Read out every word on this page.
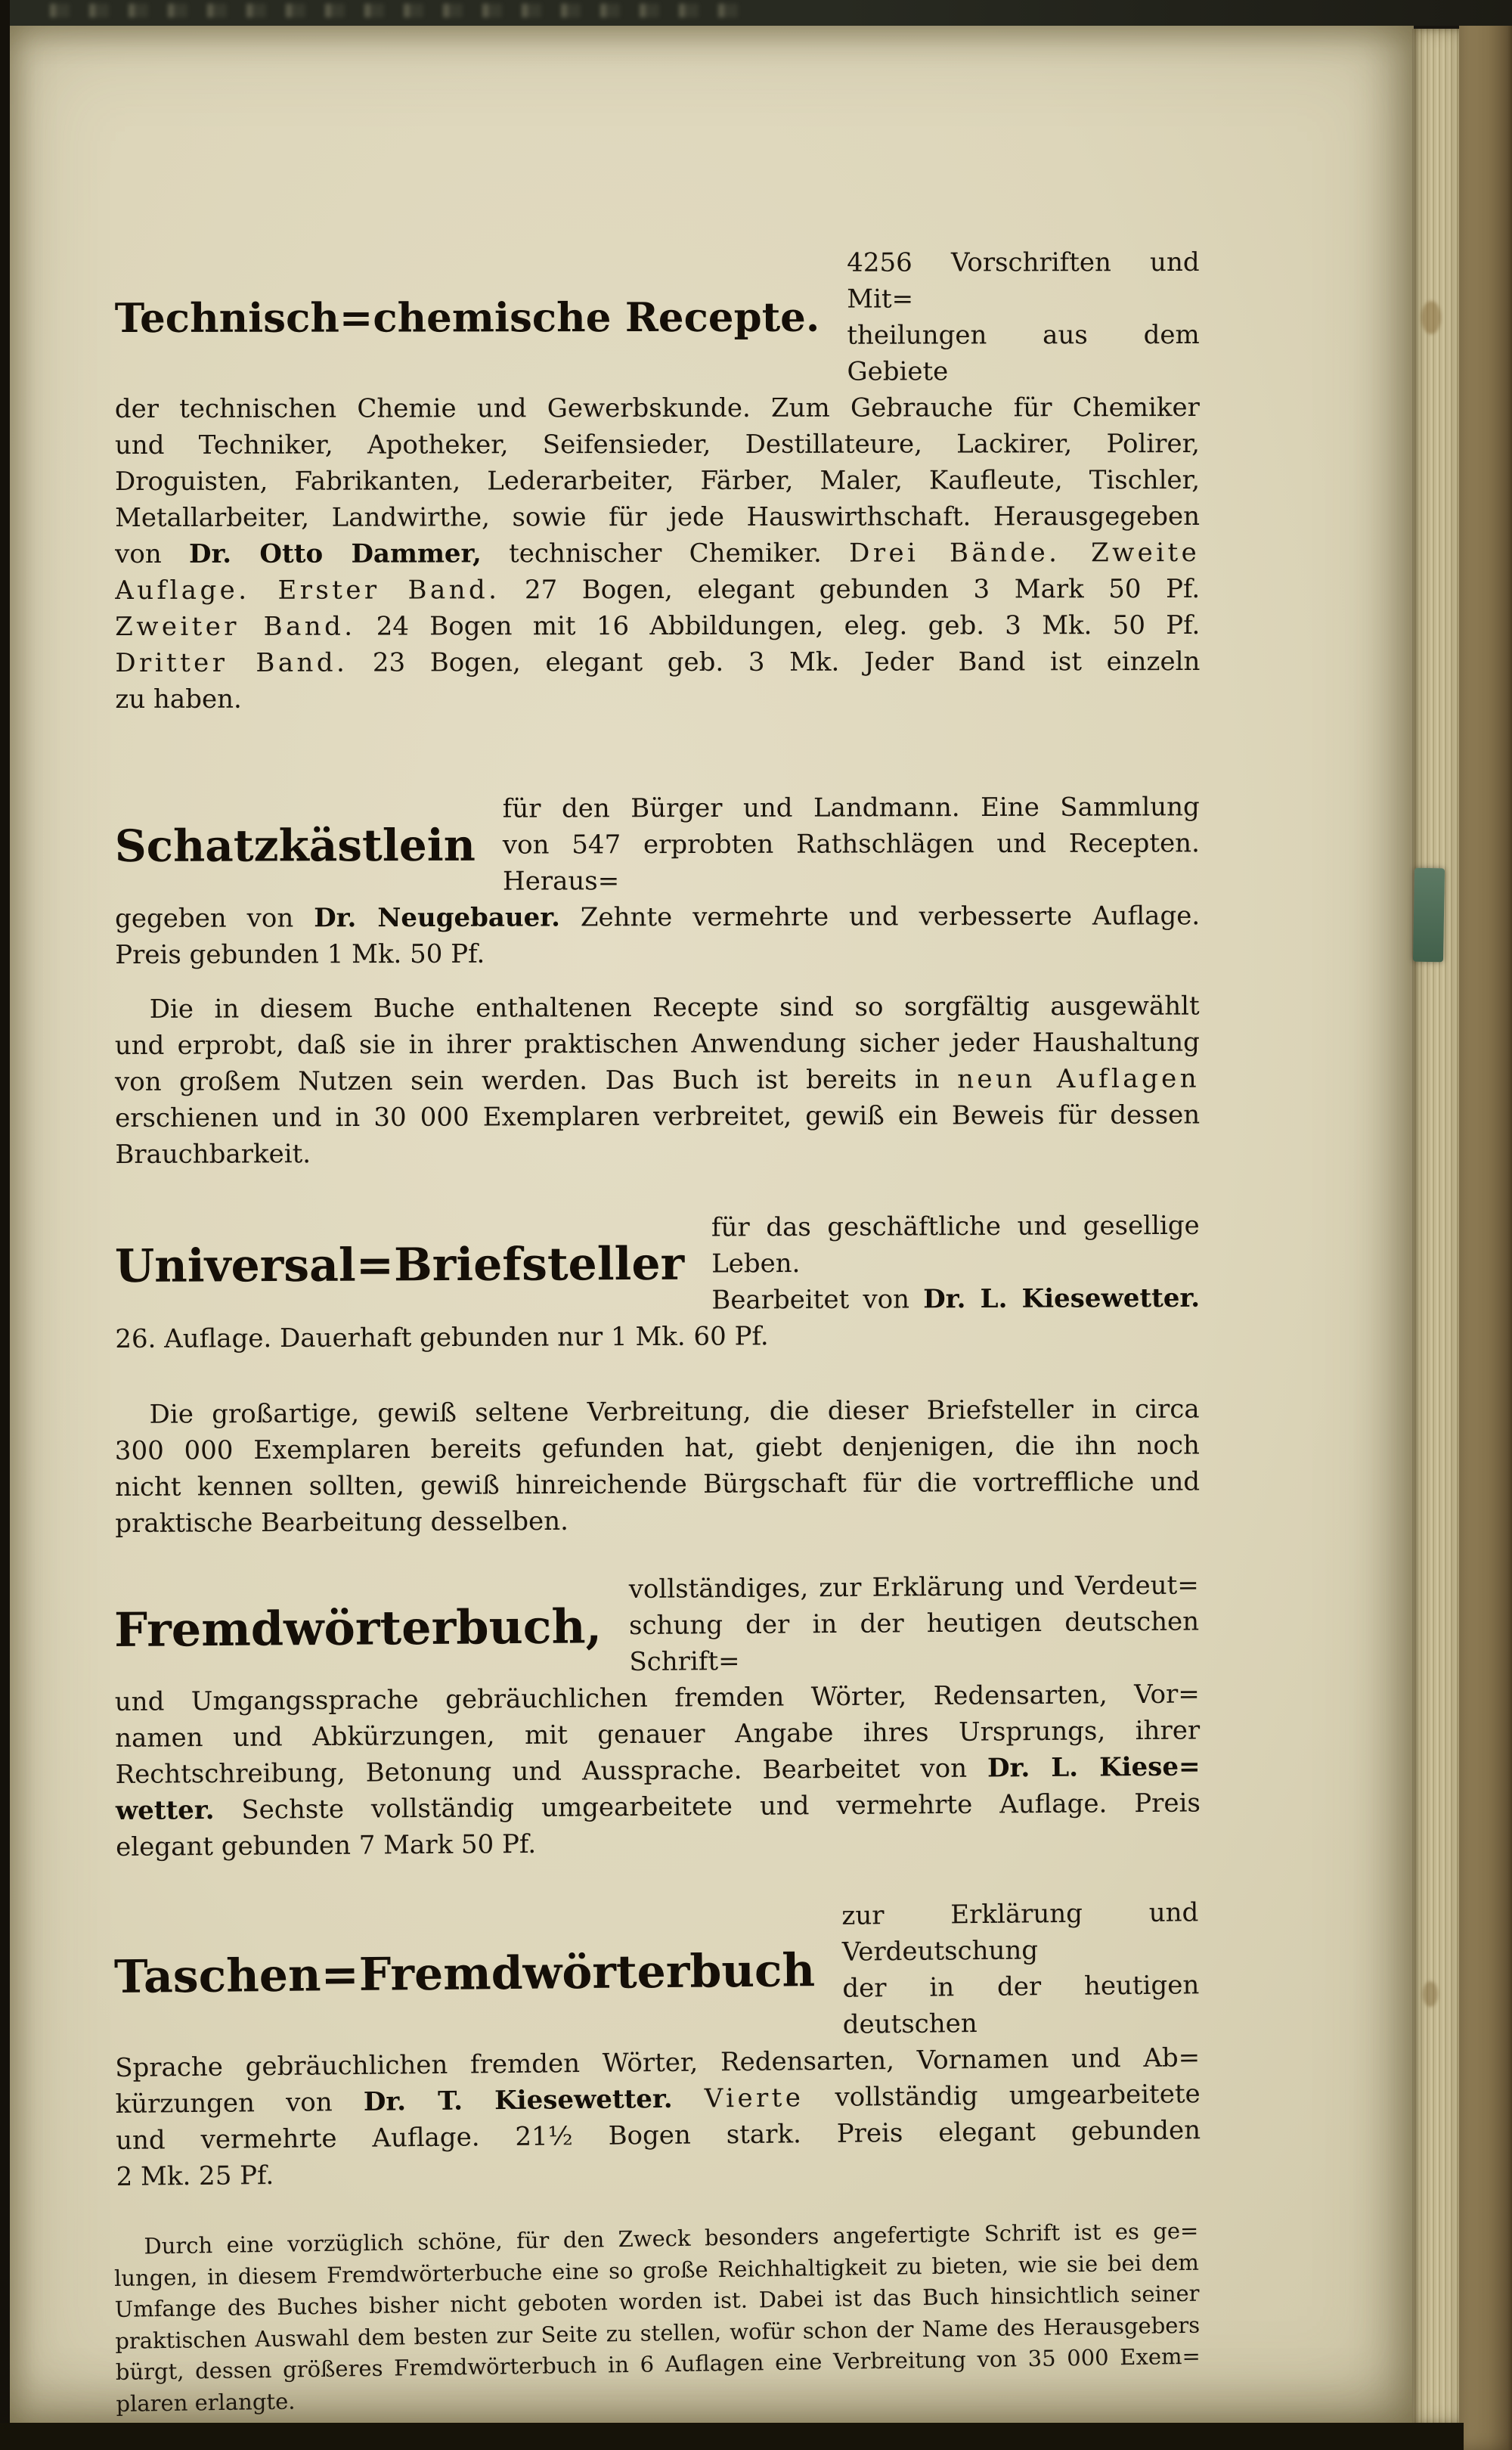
Technisch=chemische Recepte.
4256 Vorschriften und Mit=
theilungen aus dem Gebiete
der technischen Chemie und Gewerbskunde. Zum Gebrauche für Chemiker
und Techniker, Apotheker, Seifensieder, Destillateure, Lackirer, Polirer,
Droguisten, Fabrikanten, Lederarbeiter, Färber, Maler, Kaufleute, Tischler,
Metallarbeiter, Landwirthe, sowie für jede Hauswirthschaft. Herausgegeben
von Dr. Otto Dammer, technischer Chemiker. Drei Bände. Zweite
Auflage. Erster Band. 27 Bogen, elegant gebunden 3 Mark 50 Pf.
Zweiter Band. 24 Bogen mit 16 Abbildungen, eleg. geb. 3 Mk. 50 Pf.
Dritter Band. 23 Bogen, elegant geb. 3 Mk. Jeder Band ist einzeln
zu haben.
Schatzkästlein
für den Bürger und Landmann. Eine Sammlung
von 547 erprobten Rathschlägen und Recepten. Heraus=
gegeben von Dr. Neugebauer. Zehnte vermehrte und verbesserte Auflage.
Preis gebunden 1 Mk. 50 Pf.
Die in diesem Buche enthaltenen Recepte sind so sorgfältig ausgewählt
und erprobt, daß sie in ihrer praktischen Anwendung sicher jeder Haushaltung
von großem Nutzen sein werden. Das Buch ist bereits in neun Auflagen
erschienen und in 30 000 Exemplaren verbreitet, gewiß ein Beweis für dessen
Brauchbarkeit.
Universal=Briefsteller
für das geschäftliche und gesellige Leben.
Bearbeitet von Dr. L. Kiesewetter.
26. Auflage. Dauerhaft gebunden nur 1 Mk. 60 Pf.
Die großartige, gewiß seltene Verbreitung, die dieser Briefsteller in circa
300 000 Exemplaren bereits gefunden hat, giebt denjenigen, die ihn noch
nicht kennen sollten, gewiß hinreichende Bürgschaft für die vortreffliche und
praktische Bearbeitung desselben.
Fremdwörterbuch,
vollständiges, zur Erklärung und Verdeut=
schung der in der heutigen deutschen Schrift=
und Umgangssprache gebräuchlichen fremden Wörter, Redensarten, Vor=
namen und Abkürzungen, mit genauer Angabe ihres Ursprungs, ihrer
Rechtschreibung, Betonung und Aussprache. Bearbeitet von Dr. L. Kiese=
wetter. Sechste vollständig umgearbeitete und vermehrte Auflage. Preis
elegant gebunden 7 Mark 50 Pf.
Taschen=Fremdwörterbuch
zur Erklärung und Verdeutschung
der in der heutigen deutschen
Sprache gebräuchlichen fremden Wörter, Redensarten, Vornamen und Ab=
kürzungen von Dr. T. Kiesewetter. Vierte vollständig umgearbeitete
und vermehrte Auflage. 21½ Bogen stark. Preis elegant gebunden
2 Mk. 25 Pf.
Durch eine vorzüglich schöne, für den Zweck besonders angefertigte Schrift ist es ge=
lungen, in diesem Fremdwörterbuche eine so große Reichhaltigkeit zu bieten, wie sie bei dem
Umfange des Buches bisher nicht geboten worden ist. Dabei ist das Buch hinsichtlich seiner
praktischen Auswahl dem besten zur Seite zu stellen, wofür schon der Name des Herausgebers
bürgt, dessen größeres Fremdwörterbuch in 6 Auflagen eine Verbreitung von 35 000 Exem=
plaren erlangte.
